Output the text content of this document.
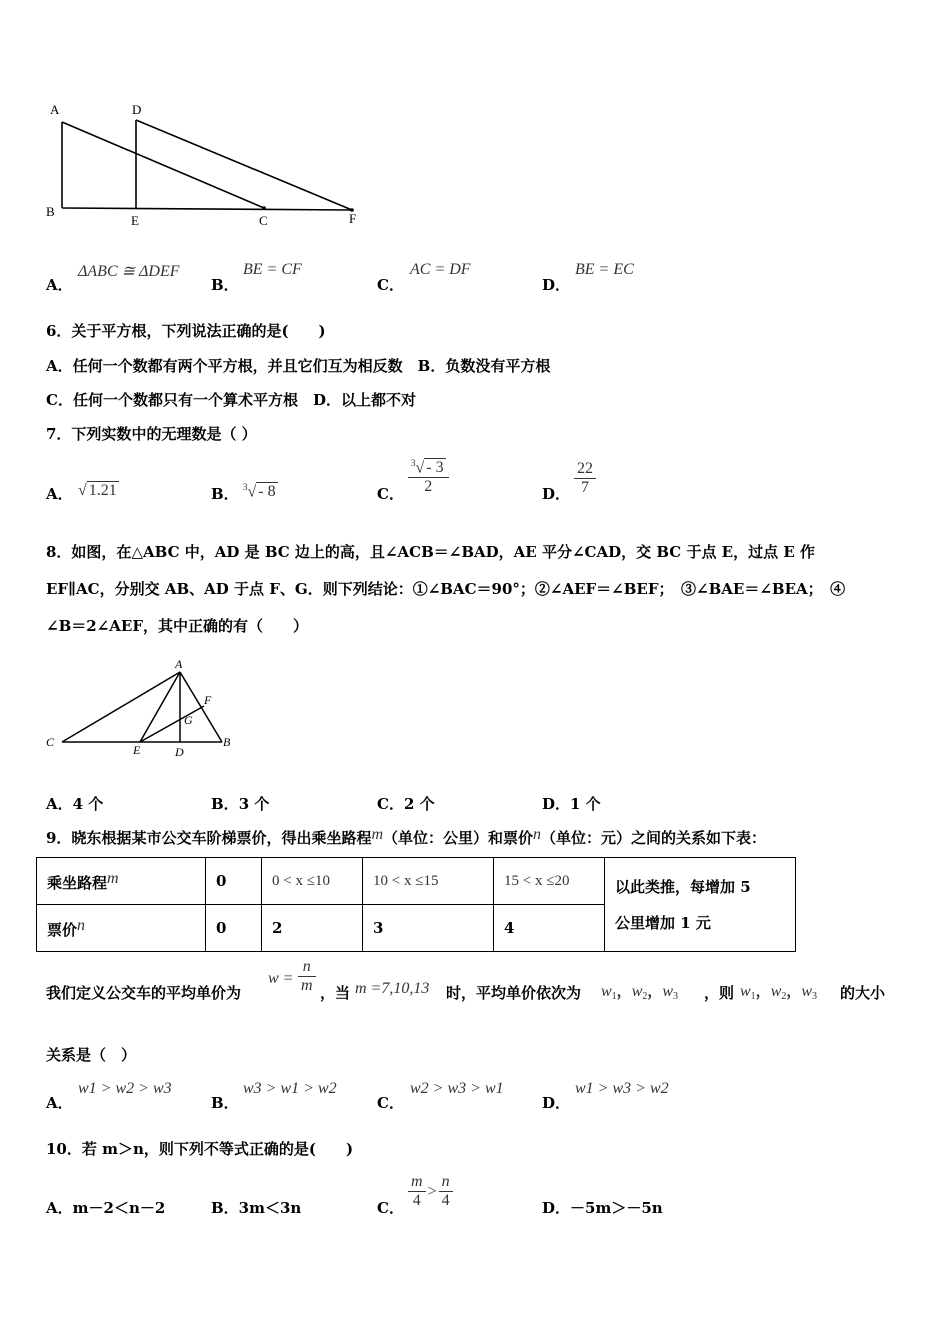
A	D
B
E	C	F
A．
ΔABC ≅ ΔDEF
B．
BE = CF
C．
AC = DF
D．
BE = EC
6．关于平方根，下列说法正确的是(　　)
A．任何一个数都有两个平方根，并且它们互为相反数　B．负数没有平方根
C．任何一个数都只有一个算术平方根　D．以上都不对
7．下列实数中的无理数是（ ）
A． √ 1.21	B． $^3$√ - 8	C． $\frac{^3√ - 3}{2}$	D． $\frac{22}{7}$
8．如图，在△ABC 中，AD 是 BC 边上的高，且∠ACB＝∠BAD，AE 平分∠CAD，交 BC 于点 E，过点 E 作
EF∥AC，分别交 AB、AD 于点 F、G．则下列结论：①∠BAC＝90°；②∠AEF＝∠BEF；　③∠BAE＝∠BEA；　④
∠B＝2∠AEF，其中正确的有（　　）
A
C
E	D
B
F
G
A．4 个	B．3 个	C．2 个	D．1 个
9．晓东根据某市公交车阶梯票价，得出乘坐路程m（单位：公里）和票价n（单位：元）之间的关系如下表：
乘坐路程m	0	0 < x ≤10	10 < x ≤15	15 < x ≤20	以此类推，每增加 5
公里增加 1 元
票价n	0	2	3	4	
我们定义公交车的平均单价为
$w = \frac{n}{m}$ ，当 m =7,10,13 时，平均单价依次为 $w_1$，$w_2$，$w_3$ ，则 $w_1$，$w_2$，$w_3$ 的大小
关系是（　）
A．
w1 > w2 > w3
B．
w3 > w1 > w2
C．
w2 > w3 > w1
D．
w1 > w3 > w2
10．若 m＞n，则下列不等式正确的是(　　)
A．m－2＜n－2	B．3m＜3n	C． $\frac{m}{4} > \frac{n}{4}$	D．－5m＞－5n
